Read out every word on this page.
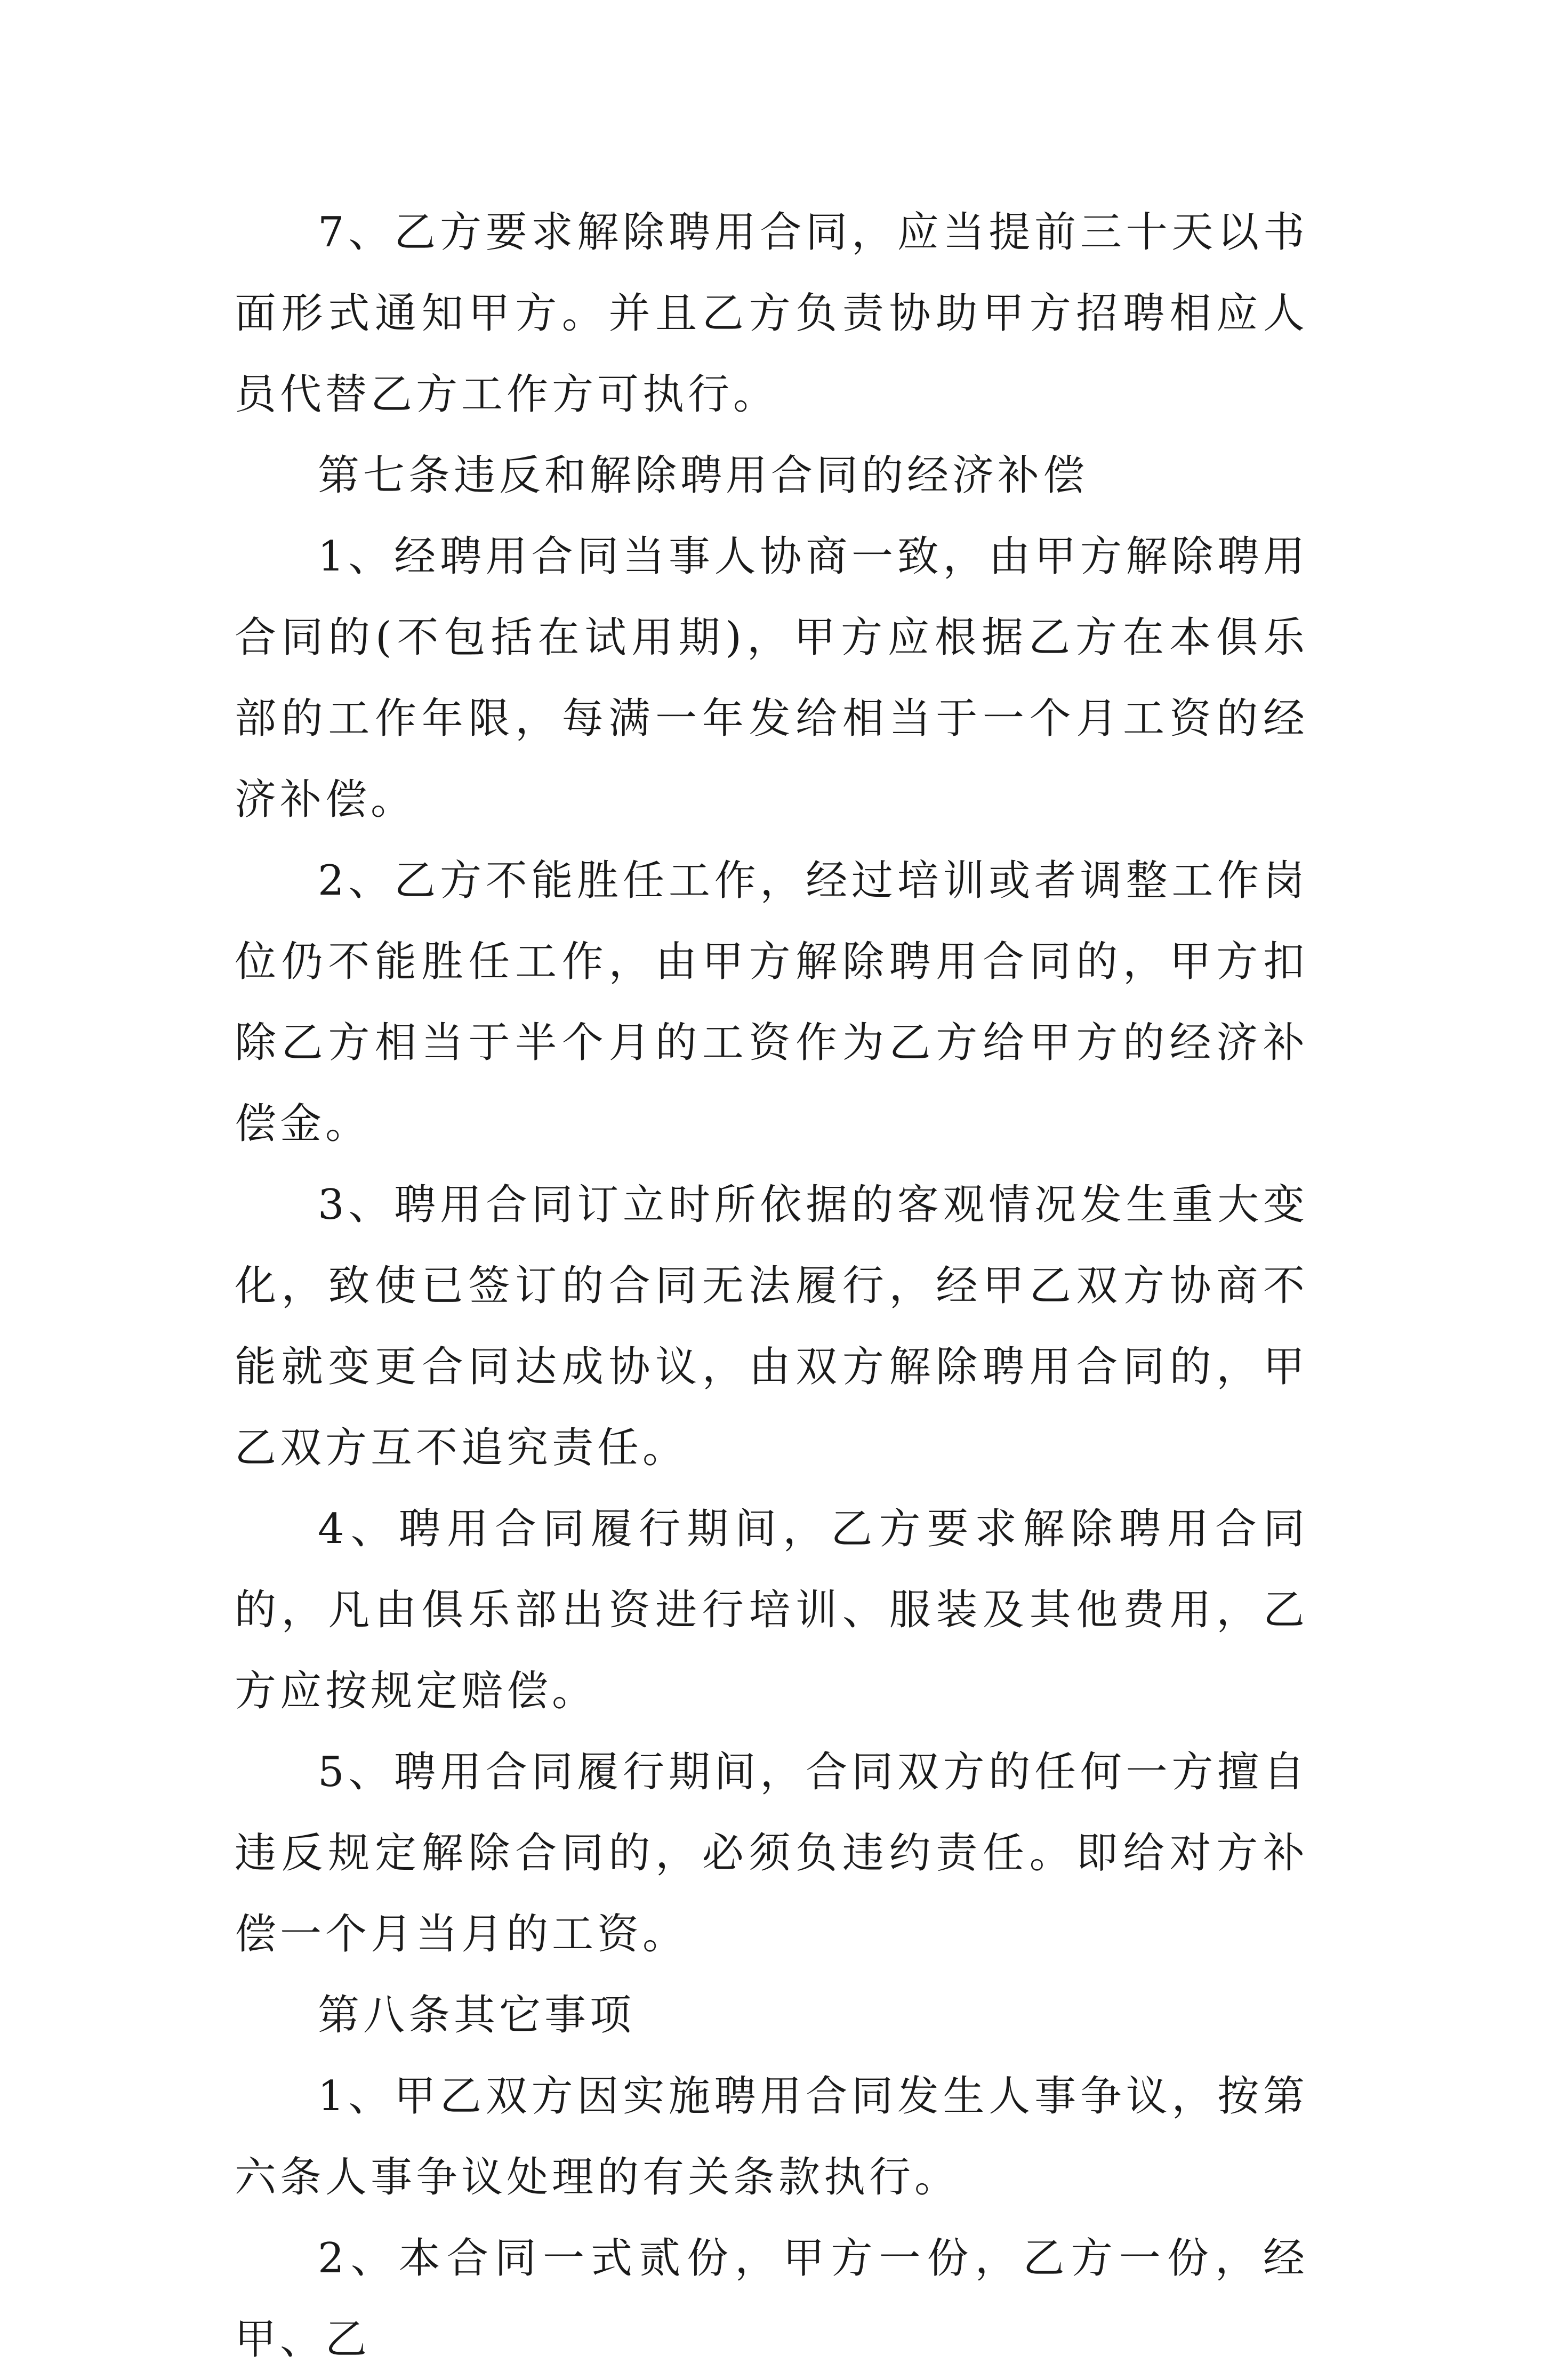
7、乙方要求解除聘用合同，应当提前三十天以书面形式通知甲方。并且乙方负责协助甲方招聘相应人员代替乙方工作方可执行。

第七条违反和解除聘用合同的经济补偿

1、经聘用合同当事人协商一致，由甲方解除聘用合同的(不包括在试用期)，甲方应根据乙方在本俱乐部的工作年限，每满一年发给相当于一个月工资的经济补偿。

2、乙方不能胜任工作，经过培训或者调整工作岗位仍不能胜任工作，由甲方解除聘用合同的，甲方扣除乙方相当于半个月的工资作为乙方给甲方的经济补偿金。

3、聘用合同订立时所依据的客观情况发生重大变化，致使已签订的合同无法履行，经甲乙双方协商不能就变更合同达成协议，由双方解除聘用合同的，甲乙双方互不追究责任。

4、聘用合同履行期间，乙方要求解除聘用合同的，凡由俱乐部出资进行培训、服装及其他费用，乙方应按规定赔偿。

5、聘用合同履行期间，合同双方的任何一方擅自违反规定解除合同的，必须负违约责任。即给对方补偿一个月当月的工资。

第八条其它事项

1、甲乙双方因实施聘用合同发生人事争议，按第六条人事争议处理的有关条款执行。

2、本合同一式贰份，甲方一份，乙方一份，经甲、乙
